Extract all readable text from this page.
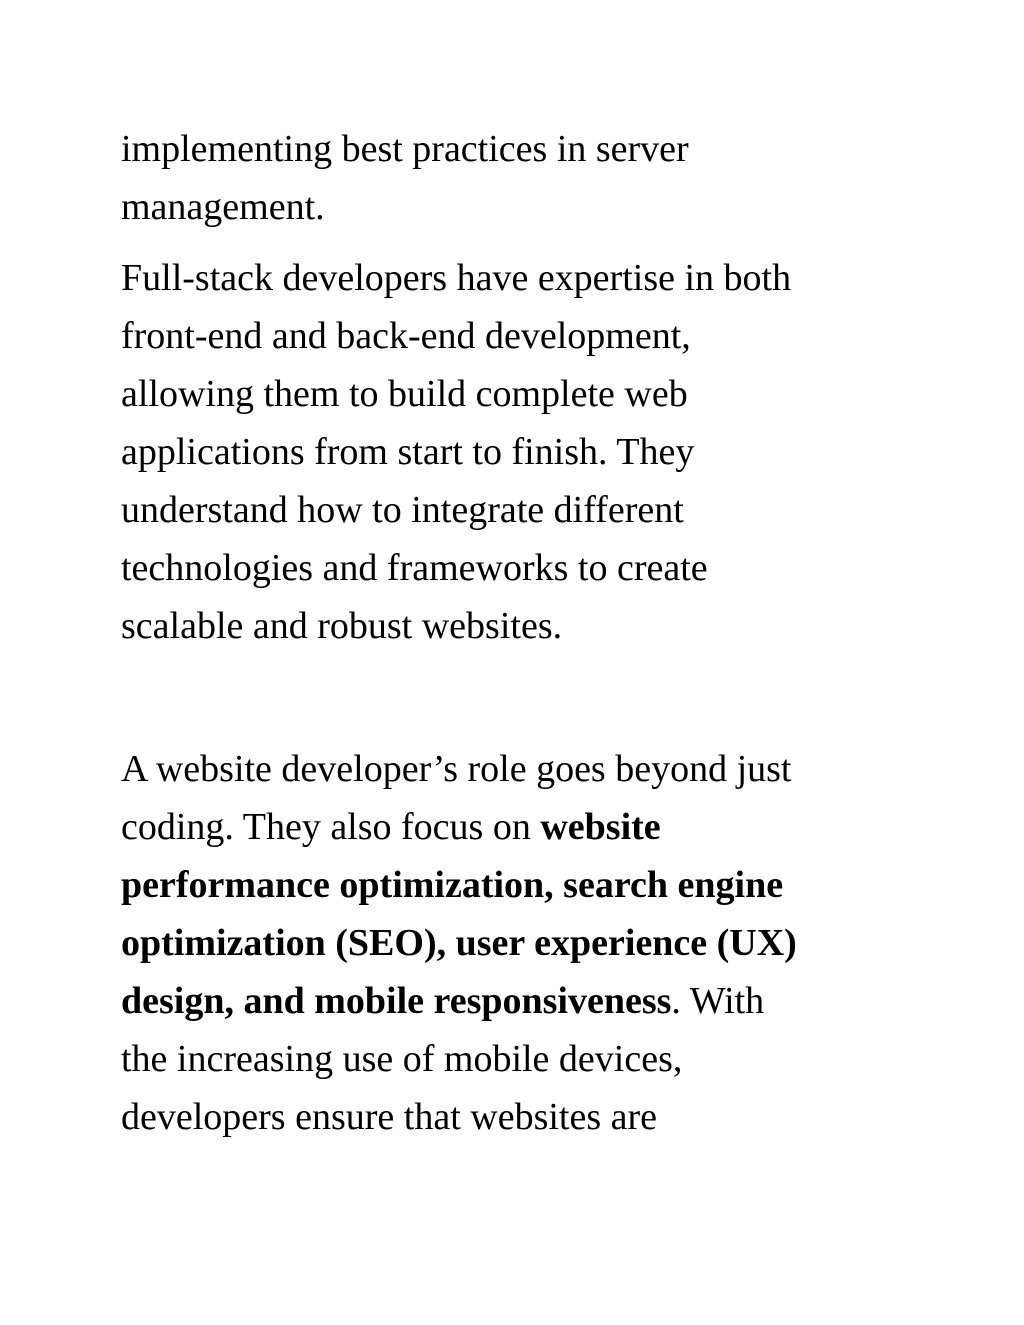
implementing best practices in server
management.

Full-stack developers have expertise in both
front-end and back-end development,
allowing them to build complete web
applications from start to finish. They
understand how to integrate different
technologies and frameworks to create
scalable and robust websites.

A website developer’s role goes beyond just
coding. They also focus on website
performance optimization, search engine
optimization (SEO), user experience (UX)
design, and mobile responsiveness. With
the increasing use of mobile devices,
developers ensure that websites are
